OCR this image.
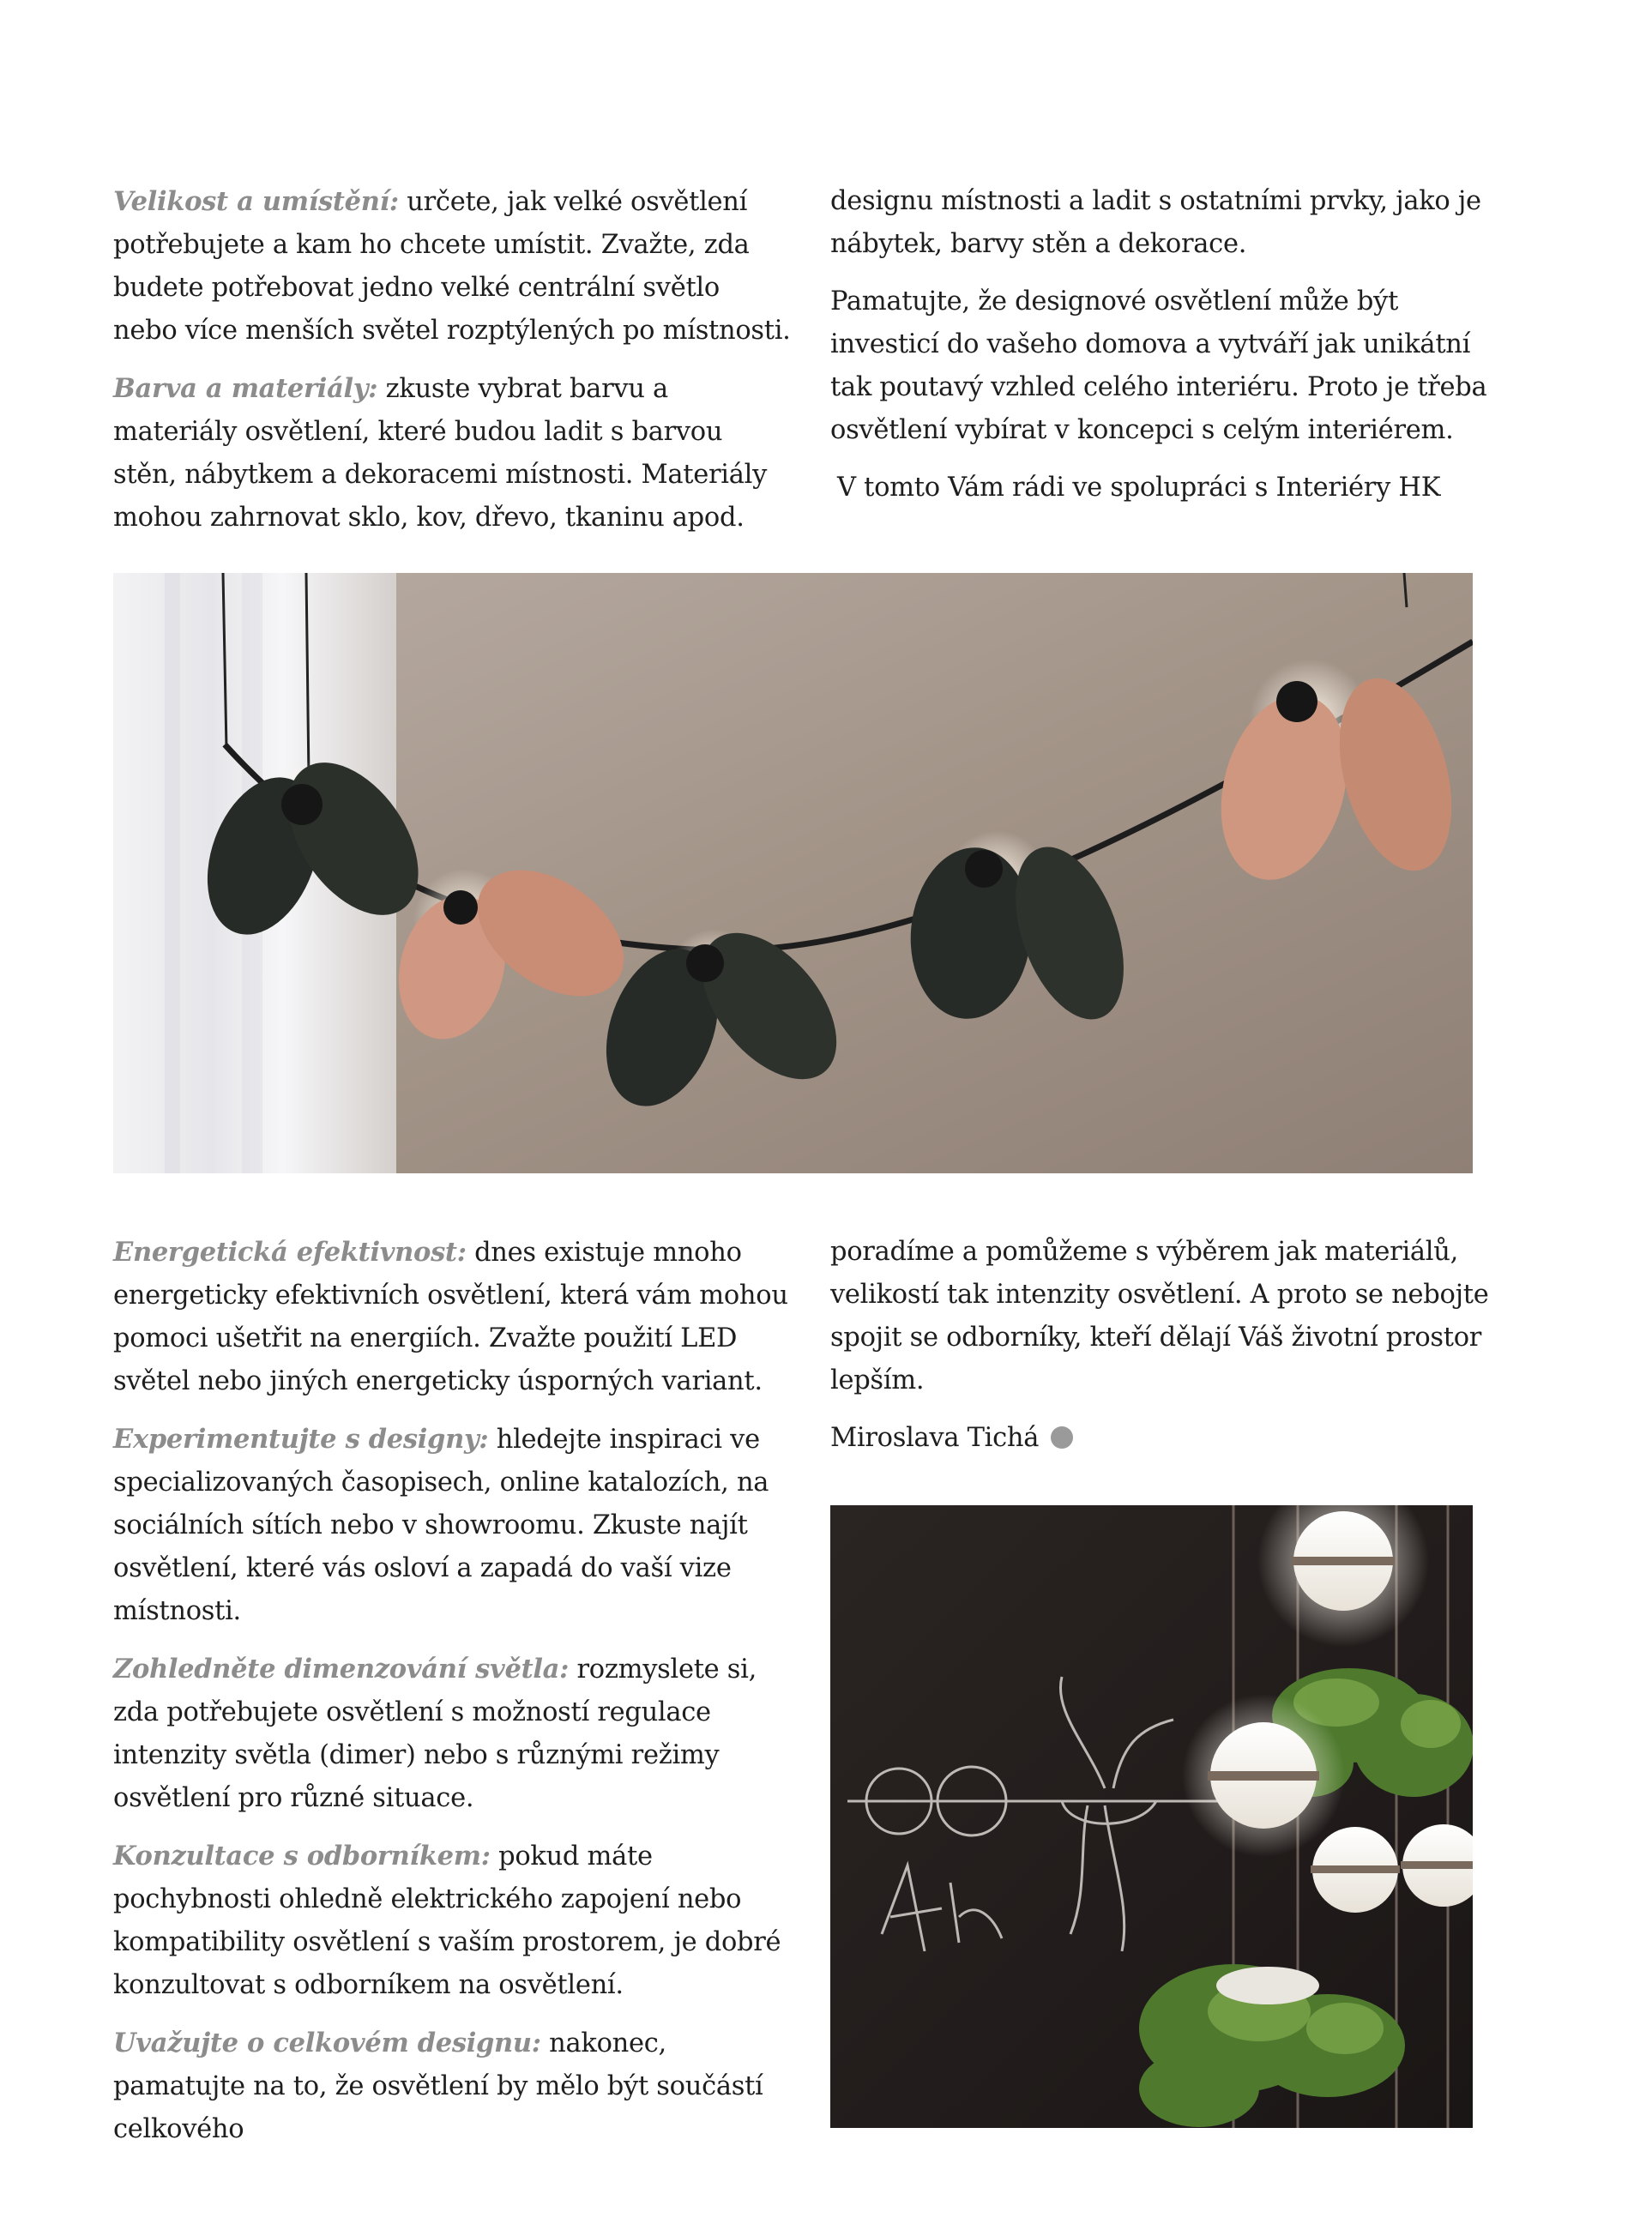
Velikost a umístění: určete, jak velké osvětlení potřebujete a kam ho chcete umístit. Zvažte, zda budete potřebovat jedno velké centrální světlo nebo více menších světel rozptýlených po místnosti.

Barva a materiály: zkuste vybrat barvu a materiály osvětlení, které budou ladit s barvou stěn, nábytkem a dekoracemi místnosti. Materiály mohou zahrnovat sklo, kov, dřevo, tkaninu apod.

designu místnosti a ladit s ostatními prvky, jako je nábytek, barvy stěn a dekorace.

Pamatujte, že designové osvětlení může být investicí do vašeho domova a vytváří jak unikátní tak poutavý vzhled celého interiéru. Proto je třeba osvětlení vybírat v koncepci s celým interiérem.

V tomto Vám rádi ve spolupráci s Interiéry HK

Energetická efektivnost: dnes existuje mnoho energeticky efektivních osvětlení, která vám mohou pomoci ušetřit na energiích. Zvažte použití LED světel nebo jiných energeticky úsporných variant.

Experimentujte s designy: hledejte inspiraci ve specializovaných časopisech, online katalozích, na sociálních sítích nebo v showroomu. Zkuste najít osvětlení, které vás osloví a zapadá do vaší vize místnosti.

Zohledněte dimenzování světla: rozmyslete si, zda potřebujete osvětlení s možností regulace intenzity světla (dimer) nebo s různými režimy osvětlení pro různé situace.

Konzultace s odborníkem: pokud máte pochybnosti ohledně elektrického zapojení nebo kompatibility osvětlení s vaším prostorem, je dobré konzultovat s odborníkem na osvětlení.

Uvažujte o celkovém designu: nakonec, pamatujte na to, že osvětlení by mělo být součástí celkového

poradíme a pomůžeme s výběrem jak materiálů, velikostí tak intenzity osvětlení. A proto se nebojte spojit se odborníky, kteří dělají Váš životní prostor lepším.

Miroslava Tichá
